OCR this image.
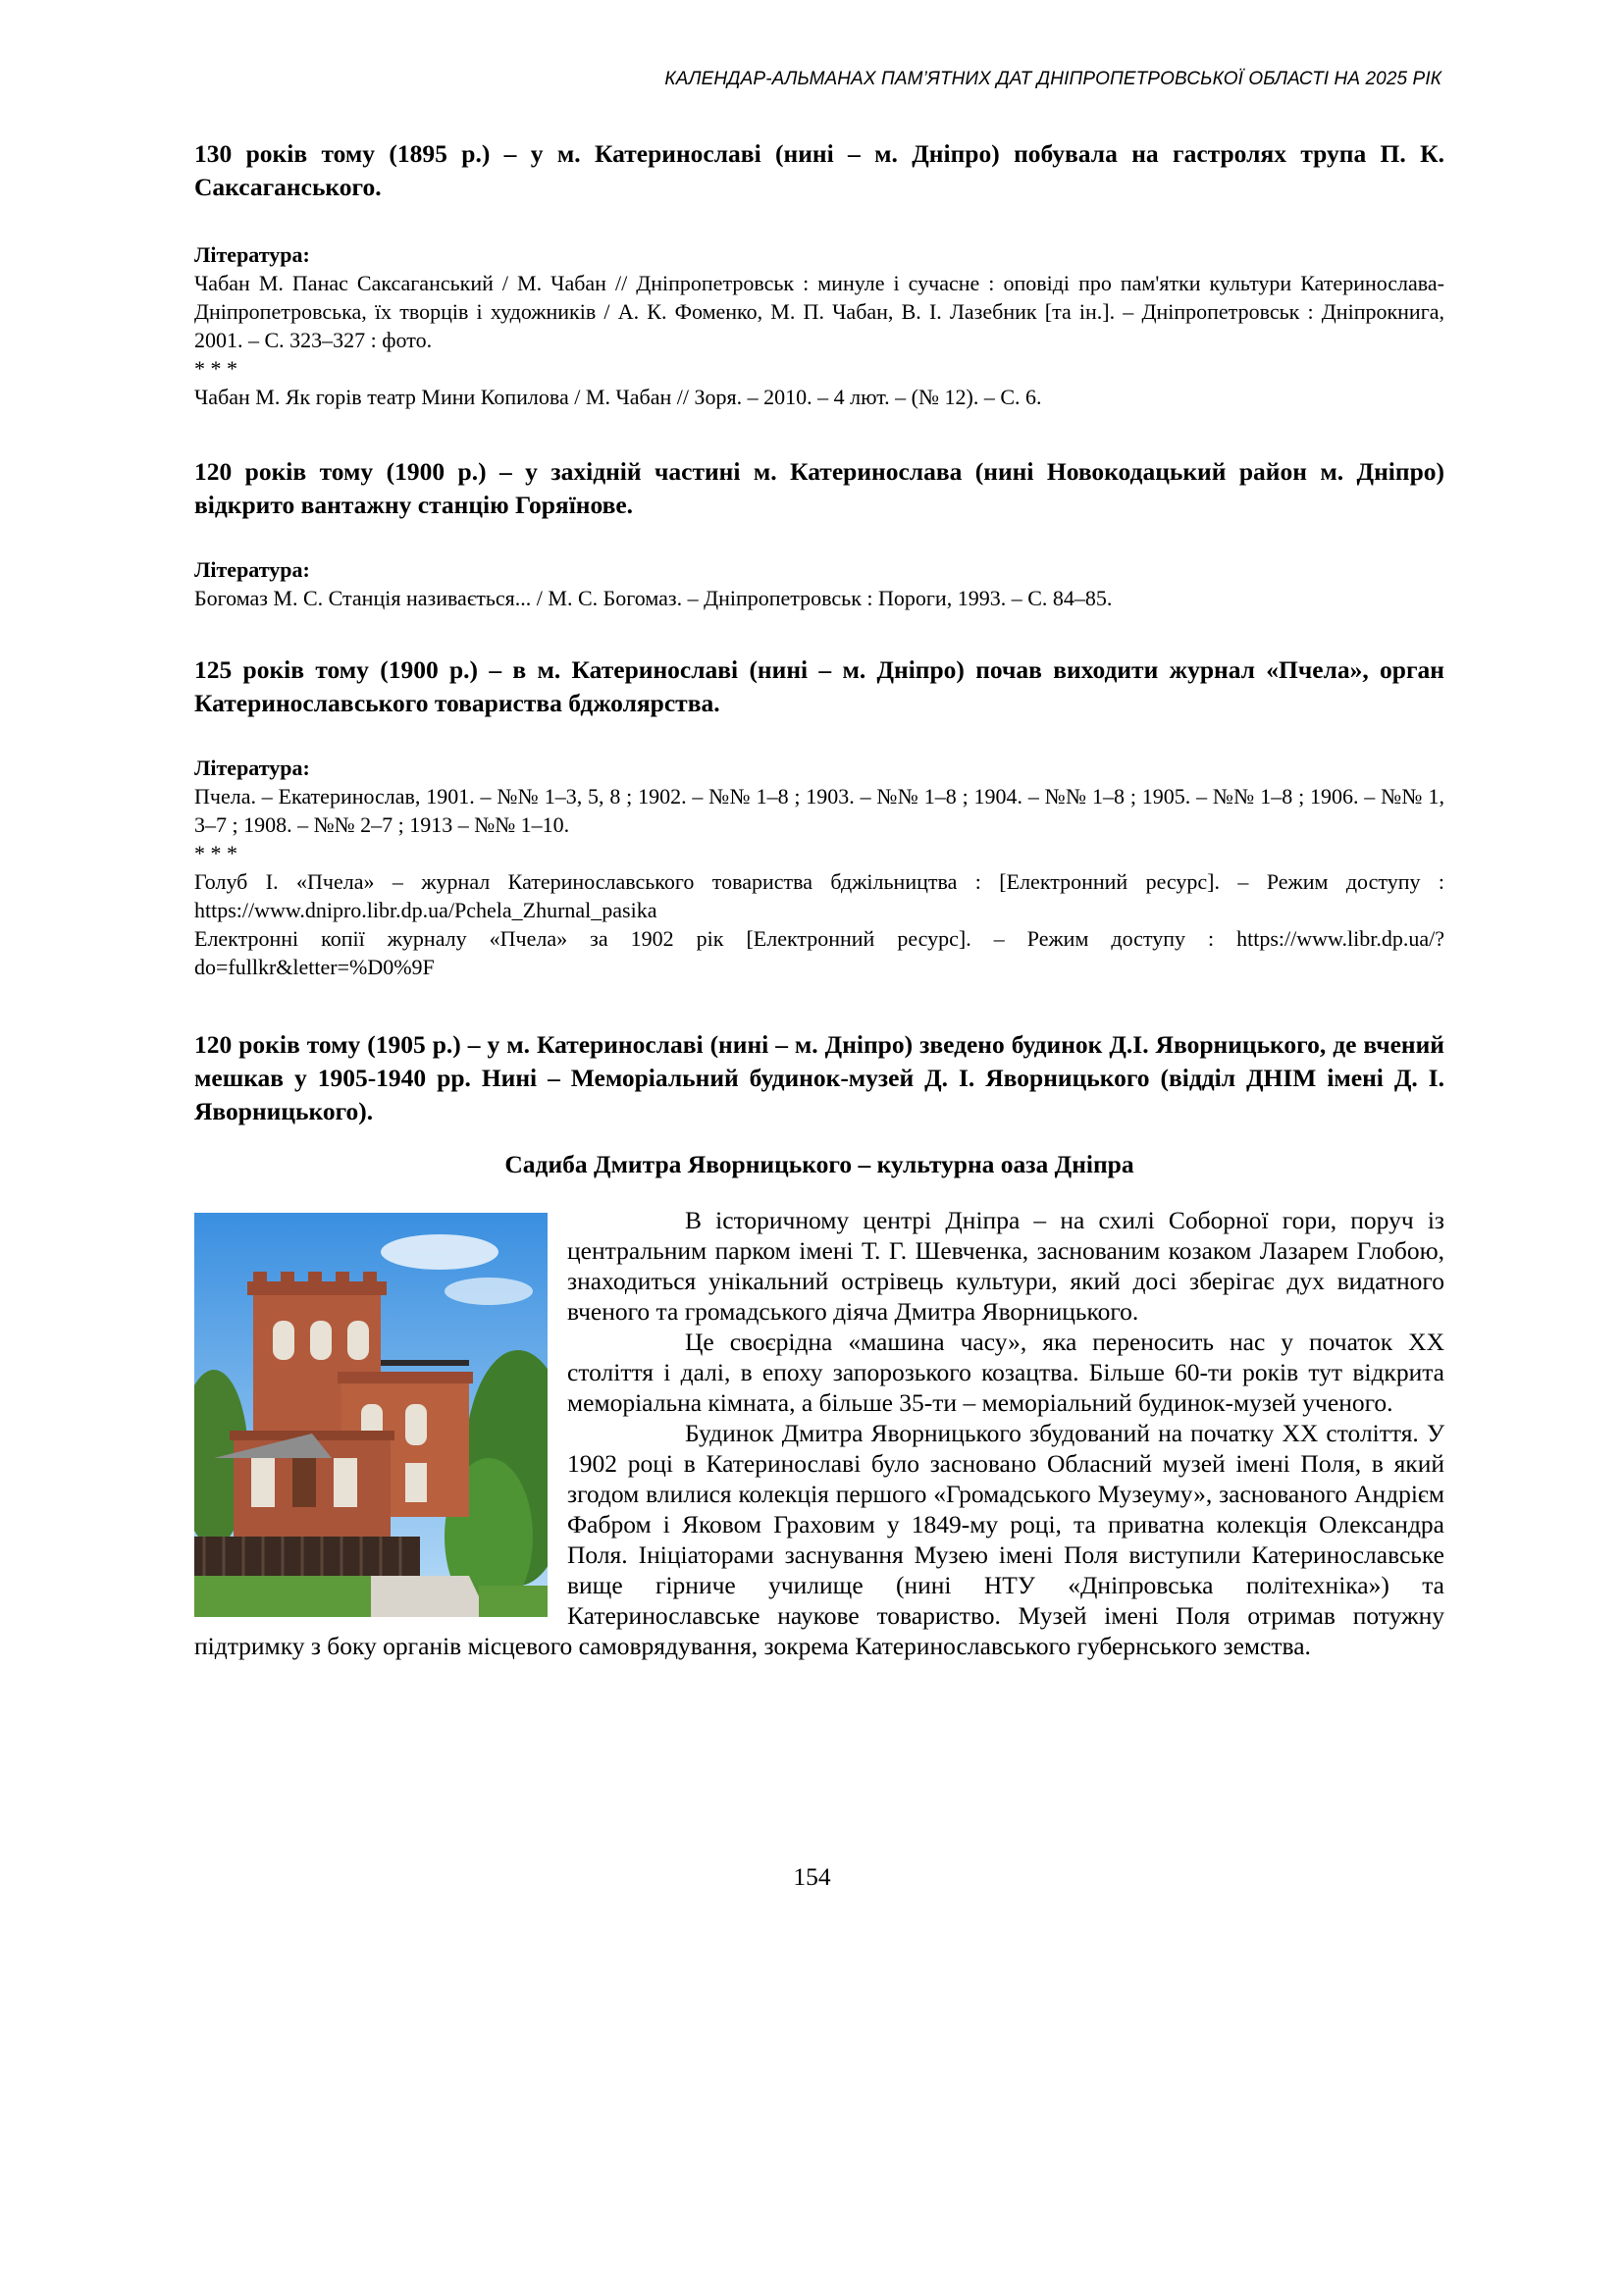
КАЛЕНДАР-АЛЬМАНАХ ПАМ’ЯТНИХ ДАТ ДНІПРОПЕТРОВСЬКОЇ ОБЛАСТІ НА 2025 РІК

130 років тому (1895 р.) – у м. Катеринославі (нині – м. Дніпро) побувала на гастролях трупа П. К. Саксаганського.

Література:

Чабан М. Панас Саксаганський / М. Чабан // Дніпропетровськ : минуле і сучасне : оповіді про пам'ятки культури Катеринослава-Дніпропетровська, їх творців і художників / А. К. Фоменко, М. П. Чабан, В. І. Лазебник [та ін.]. – Дніпропетровськ : Дніпрокнига, 2001. – С. 323–327 : фото.

* * *

Чабан М. Як горів театр Мини Копилова / М. Чабан // Зоря. – 2010. – 4 лют. – (№ 12). – С. 6.

120 років тому (1900 р.) – у західній частині м. Катеринослава (нині Новокодацький район м. Дніпро) відкрито вантажну станцію Горяїнове.

Література:

Богомаз М. С. Станція називається... / М. С. Богомаз. – Дніпропетровськ : Пороги, 1993. – С. 84–85.

125 років тому (1900 р.) – в м. Катеринославі (нині – м. Дніпро) почав виходити журнал «Пчела», орган Катеринославського товариства бджолярства.

Література:

Пчела. – Екатеринослав, 1901. – №№ 1–3, 5, 8 ; 1902. – №№ 1–8 ; 1903. – №№ 1–8 ; 1904. – №№ 1–8 ; 1905. – №№ 1–8 ; 1906. – №№ 1, 3–7 ; 1908. – №№ 2–7 ; 1913 – №№ 1–10.

* * *

Голуб І. «Пчела» – журнал Катеринославського товариства бджільництва : [Електронний ресурс]. – Режим доступу : https://www.dnipro.libr.dp.ua/Pchela_Zhurnal_pasika

Електронні копії журналу «Пчела» за 1902 рік [Електронний ресурс]. – Режим доступу : https://www.libr.dp.ua/?do=fullkr&letter=%D0%9F

120 років тому (1905 р.) – у м. Катеринославі (нині – м. Дніпро) зведено будинок Д.І. Яворницького, де вчений мешкав у 1905-1940 рр. Нині – Меморіальний будинок-музей Д. І. Яворницького (відділ ДНІМ імені Д. І. Яворницького).

Садиба Дмитра Яворницького – культурна оаза Дніпра

В історичному центрі Дніпра – на схилі Соборної гори, поруч із центральним парком імені Т. Г. Шевченка, заснованим козаком Лазарем Глобою, знаходиться унікальний острівець культури, який досі зберігає дух видатного вченого та громадського діяча Дмитра Яворницького.

Це своєрідна «машина часу», яка переносить нас у початок XX століття і далі, в епоху запорозького козацтва. Більше 60-ти років тут відкрита меморіальна кімната, а більше 35-ти – меморіальний будинок-музей ученого.

Будинок Дмитра Яворницького збудований на початку XX століття. У 1902 році в Катеринославі було засновано Обласний музей імені Поля, в який згодом влилися колекція першого «Громадського Музеуму», заснованого Андрієм Фабром і Яковом Граховим у 1849-му році, та приватна колекція Олександра Поля. Ініціаторами заснування Музею імені Поля виступили Катеринославське вище гірниче училище (нині НТУ «Дніпровська політехніка») та Катеринославське наукове товариство. Музей імені Поля отримав потужну підтримку з боку органів місцевого самоврядування, зокрема Катеринославського губернського земства.

154
